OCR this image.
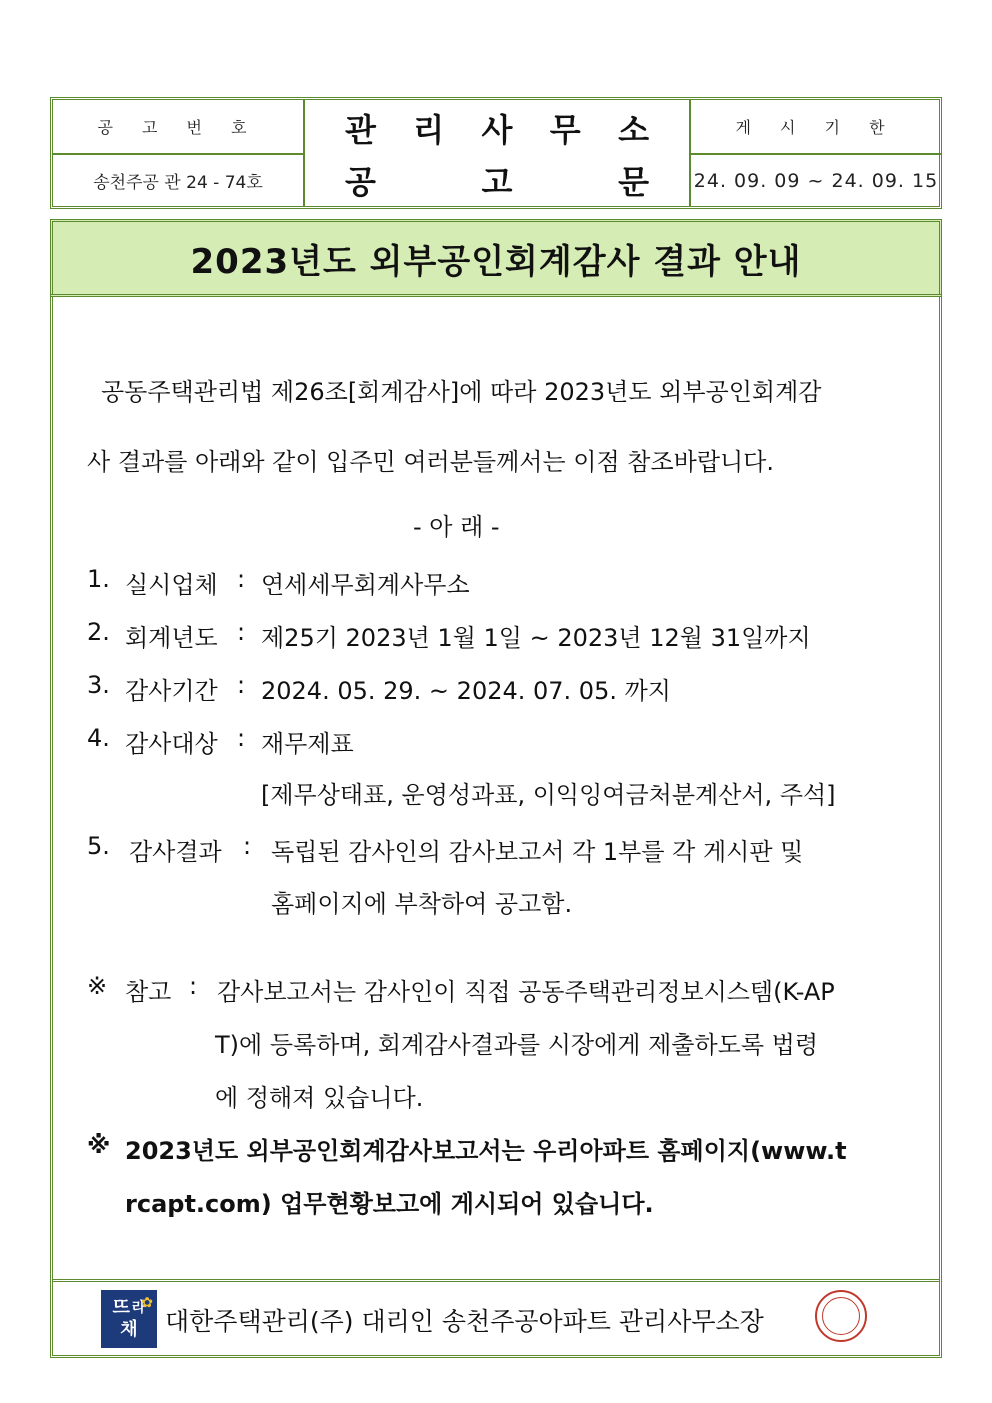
공 고 번 호
송천주공 관 24 - 74호
관 리 사 무 소
공	고	문
게 시 기 한
24. 09. 09 ~ 24. 09. 15
2023년도 외부공인회계감사 결과 안내
공동주택관리법 제26조[회계감사]에 따라 2023년도 외부공인회계감
사 결과를 아래와 같이 입주민 여러분들께서는 이점 참조바랍니다.
- 아 래 -
1. 실시업체 : 연세세무회계사무소
2. 회계년도 : 제25기 2023년 1월 1일 ~ 2023년 12월 31일까지
3. 감사기간 : 2024. 05. 29. ~ 2024. 07. 05. 까지
4. 감사대상 : 재무제표
[제무상태표, 운영성과표, 이익잉여금처분계산서, 주석]
5. 감사결과 : 독립된 감사인의 감사보고서 각 1부를 각 게시판 및
홈페이지에 부착하여 공고함.
※ 참고 : 감사보고서는 감사인이 직접 공동주택관리정보시스템(K-AP
T)에 등록하며, 회계감사결과를 시장에게 제출하도록 법령
에 정해져 있습니다.
※ 2023년도 외부공인회계감사보고서는 우리아파트 홈페이지(www.t
rcapt.com) 업무현황보고에 게시되어 있습니다.
✿
뜨 라
채 대한주택관리(주) 대리인 송천주공아파트 관리사무소장
